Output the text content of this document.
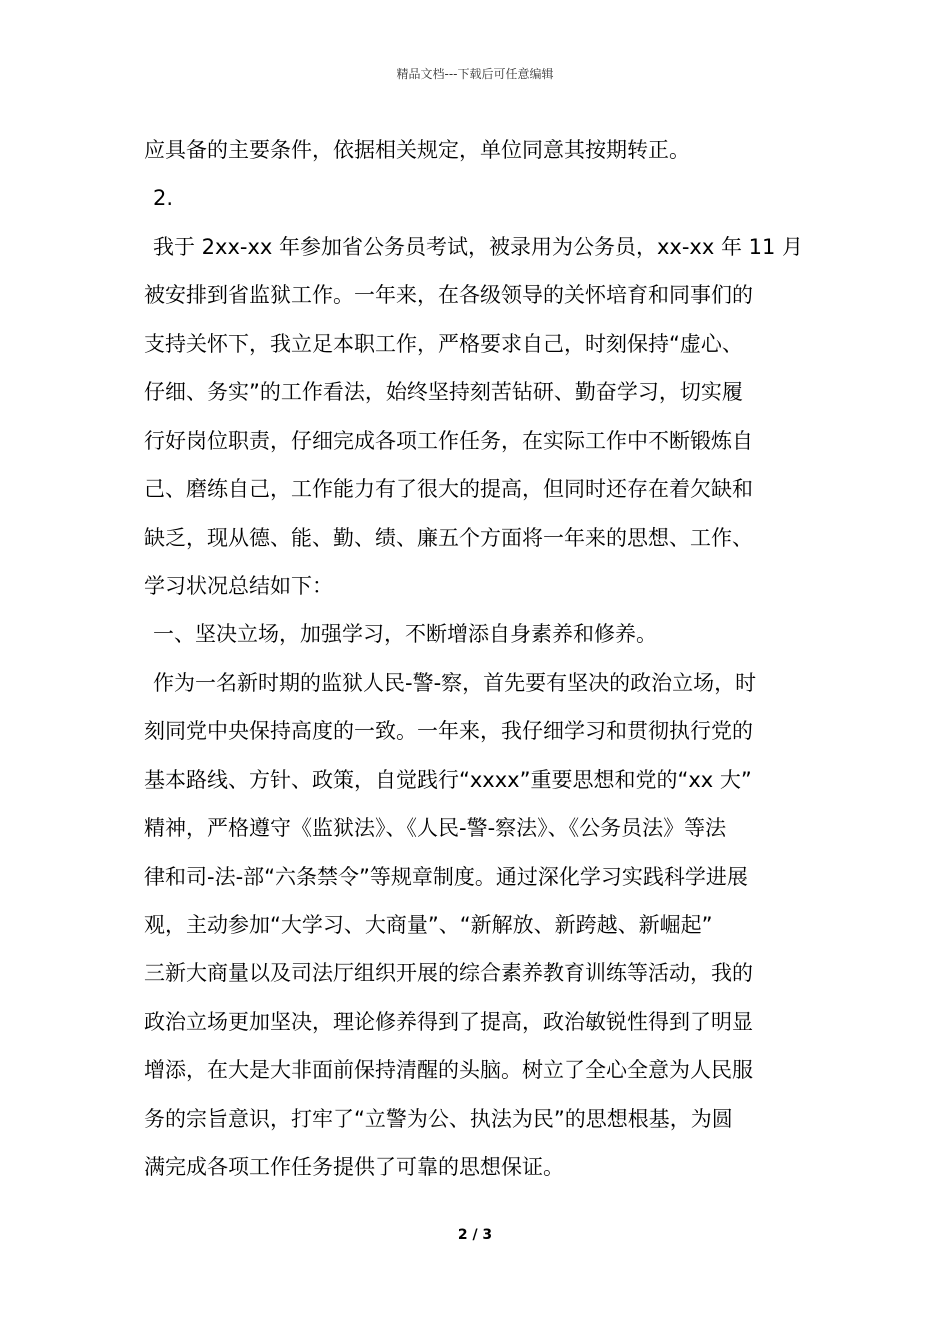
精品文档---下载后可任意编辑
应具备的主要条件，依据相关规定，单位同意其按期转正。
2.
我于 2xx-xx 年参加省公务员考试，被录用为公务员，xx-xx 年 11 月
被安排到省监狱工作。一年来，在各级领导的关怀培育和同事们的
支持关怀下，我立足本职工作，严格要求自己，时刻保持“虚心、
仔细、务实”的工作看法，始终坚持刻苦钻研、勤奋学习，切实履
行好岗位职责，仔细完成各项工作任务，在实际工作中不断锻炼自
己、磨练自己，工作能力有了很大的提高，但同时还存在着欠缺和
缺乏，现从德、能、勤、绩、廉五个方面将一年来的思想、工作、
学习状况总结如下：
一、坚决立场，加强学习，不断增添自身素养和修养。
作为一名新时期的监狱人民-警-察，首先要有坚决的政治立场，时
刻同党中央保持高度的一致。一年来，我仔细学习和贯彻执行党的
基本路线、方针、政策，自觉践行“xxxx”重要思想和党的“xx 大”
精神，严格遵守《监狱法》、《人民-警-察法》、《公务员法》等法
律和司-法-部“六条禁令”等规章制度。通过深化学习实践科学进展
观，主动参加“大学习、大商量”、“新解放、新跨越、新崛起”
三新大商量以及司法厅组织开展的综合素养教育训练等活动，我的
政治立场更加坚决，理论修养得到了提高，政治敏锐性得到了明显
增添，在大是大非面前保持清醒的头脑。树立了全心全意为人民服
务的宗旨意识，打牢了“立警为公、执法为民”的思想根基，为圆
满完成各项工作任务提供了可靠的思想保证。
2 / 3
